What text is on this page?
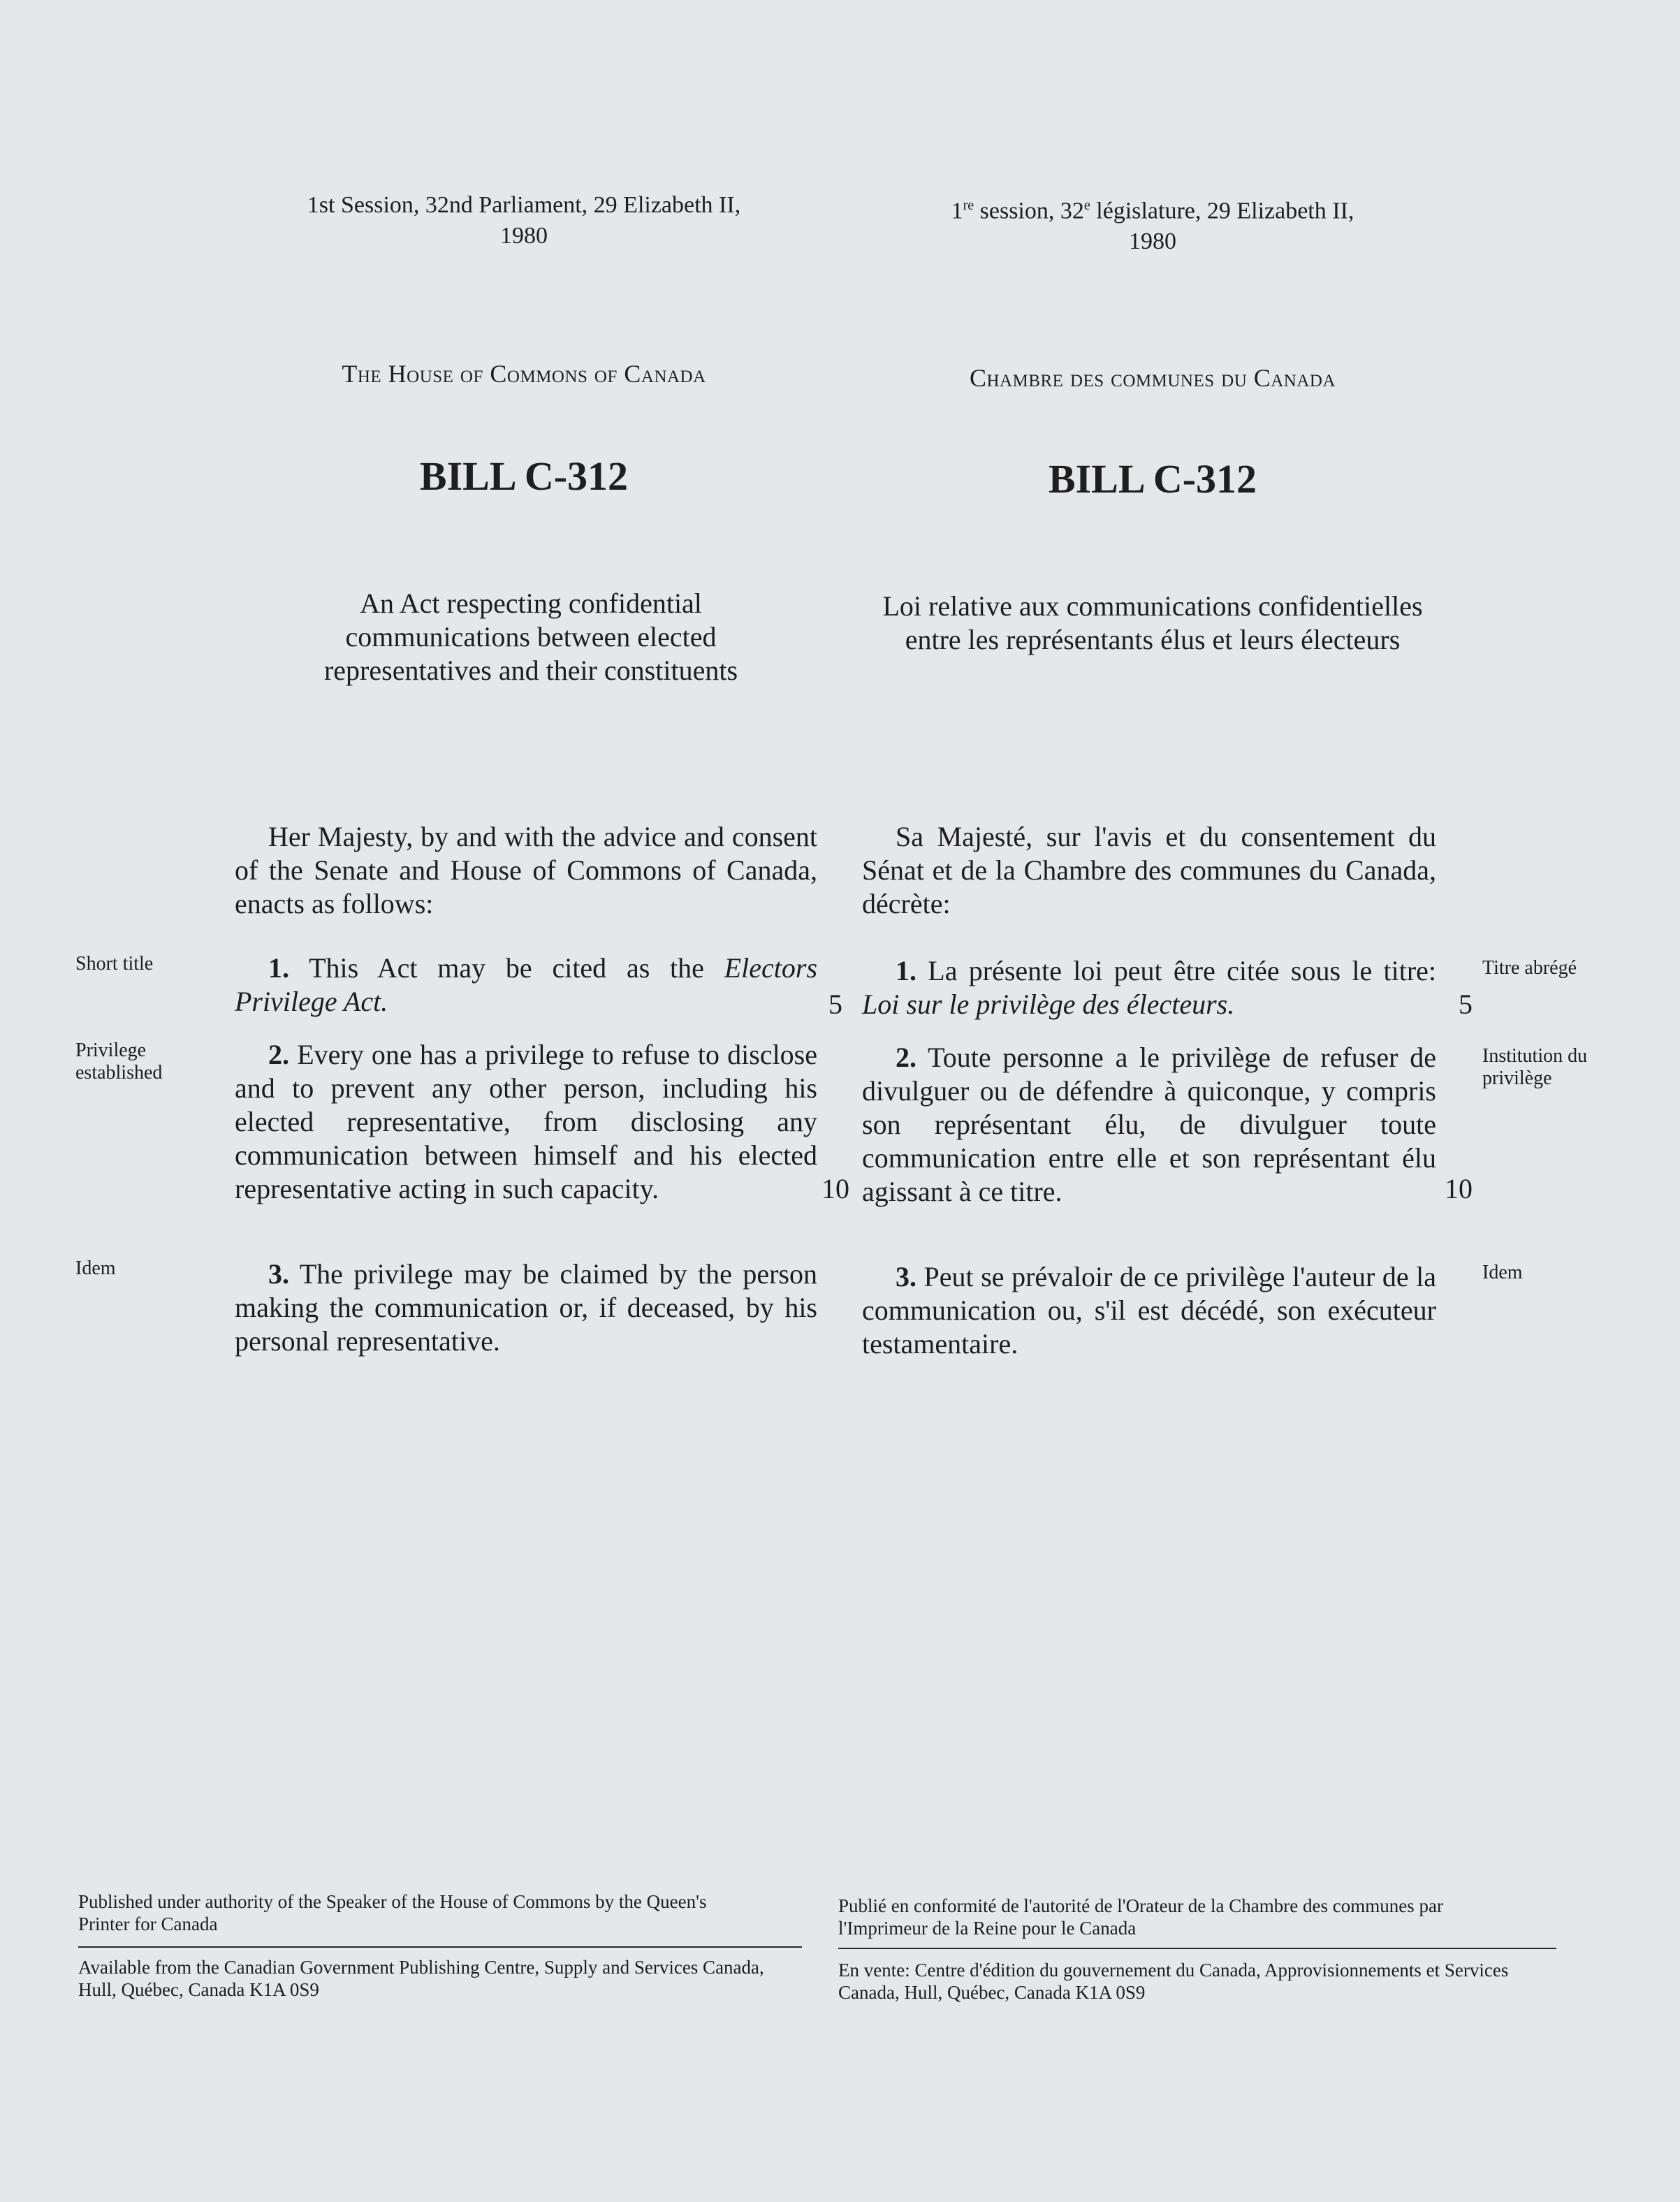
1st Session, 32nd Parliament, 29 Elizabeth II,
1980
The House of Commons of Canada
BILL C-312
An Act respecting confidential communications between elected representatives and their constituents
1re session, 32e législature, 29 Elizabeth II,
1980
Chambre des communes du Canada
BILL C-312
Loi relative aux communications confidentielles entre les représentants élus et leurs électeurs

Her Majesty, by and with the advice and consent of the Senate and House of Commons of Canada, enacts as follows:

1. This Act may be cited as the Electors Privilege Act.

2. Every one has a privilege to refuse to disclose and to prevent any other person, including his elected representative, from disclosing any communication between himself and his elected representative acting in such capacity.

3. The privilege may be claimed by the person making the communication or, if deceased, by his personal representative.

Short title
Privilege established
Idem
5
10

Sa Majesté, sur l'avis et du consentement du Sénat et de la Chambre des communes du Canada, décrète:

1. La présente loi peut être citée sous le titre: Loi sur le privilège des électeurs.

2. Toute personne a le privilège de refuser de divulguer ou de défendre à quiconque, y compris son représentant élu, de divulguer toute communication entre elle et son représentant élu agissant à ce titre.

3. Peut se prévaloir de ce privilège l'auteur de la communication ou, s'il est décédé, son exécuteur testamentaire.

5
10
Titre abrégé
Institution du privilège
Idem
Published under authority of the Speaker of the House of Commons by the Queen's Printer for Canada
Available from the Canadian Government Publishing Centre, Supply and Services Canada, Hull, Québec, Canada K1A 0S9
Publié en conformité de l'autorité de l'Orateur de la Chambre des communes par l'Imprimeur de la Reine pour le Canada
En vente: Centre d'édition du gouvernement du Canada, Approvisionnements et Services Canada, Hull, Québec, Canada K1A 0S9
